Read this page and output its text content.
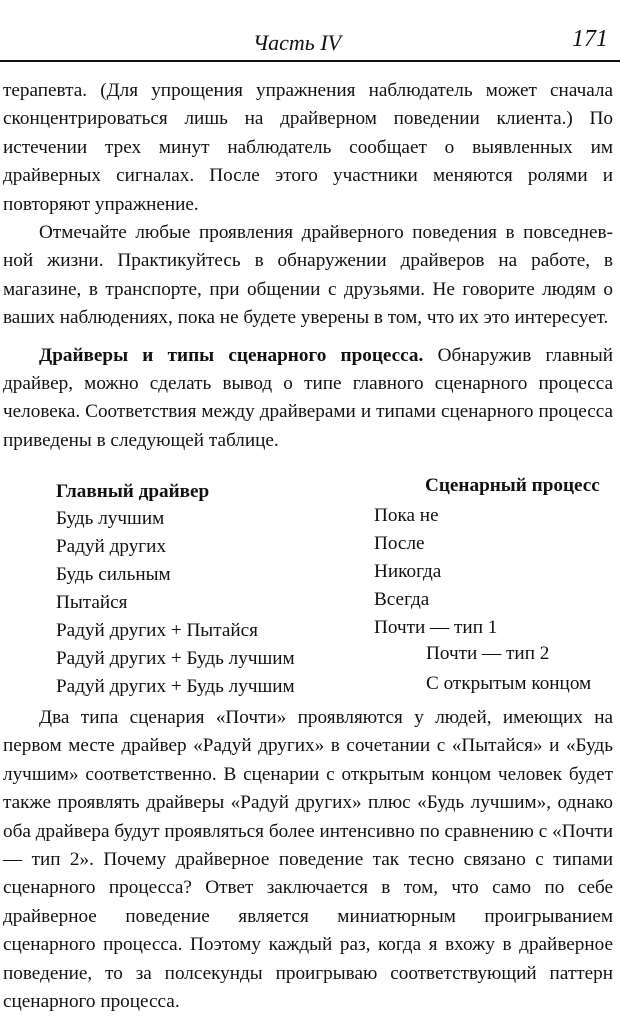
Часть IV	171

терапевта. (Для упрощения упражнения наблюдатель может сначала сконцентрироваться лишь на драйверном поведении клиента.) По истечении трех минут наблюдатель сообщает о выявленных им драйверных сигналах. После этого участники меняются ролями и повторяют упражнение.

Отмечайте любые проявления драйверного поведения в повседнев-ной жизни. Практикуйтесь в обнаружении драйверов на работе, в магазине, в транспорте, при общении с друзьями. Не говорите людям о ваших наблюдениях, пока не будете уверены в том, что их это интересует.

Драйверы и типы сценарного процесса. Обнаружив главный драйвер, можно сделать вывод о типе главного сценарного процесса человека. Соответствия между драйверами и типами сценарного процесса приведены в следующей таблице.

Главный драйвер	Сценарный процесс
Будь лучшим	Пока не
Радуй других	После
Будь сильным	Никогда
Пытайся	Всегда
Радуй других + Пытайся	Почти — тип 1
Радуй других + Будь лучшим	Почти — тип 2
Радуй других + Будь лучшим	С открытым концом

Два типа сценария «Почти» проявляются у людей, имеющих на первом месте драйвер «Радуй других» в сочетании с «Пытайся» и «Будь лучшим» соответственно. В сценарии с открытым концом человек будет также проявлять драйверы «Радуй других» плюс «Будь лучшим», однако оба драйвера будут проявляться более интенсивно по сравнению с «Почти — тип 2». Почему драйверное поведение так тесно связано с типами сценарного процесса? Ответ заключается в том, что само по себе драйверное поведение является миниатюрным проигрыванием сценарного процесса. Поэтому каждый раз, когда я вхожу в драйверное поведение, то за полсекунды проигрываю соответствующий паттерн сценарного процесса.
